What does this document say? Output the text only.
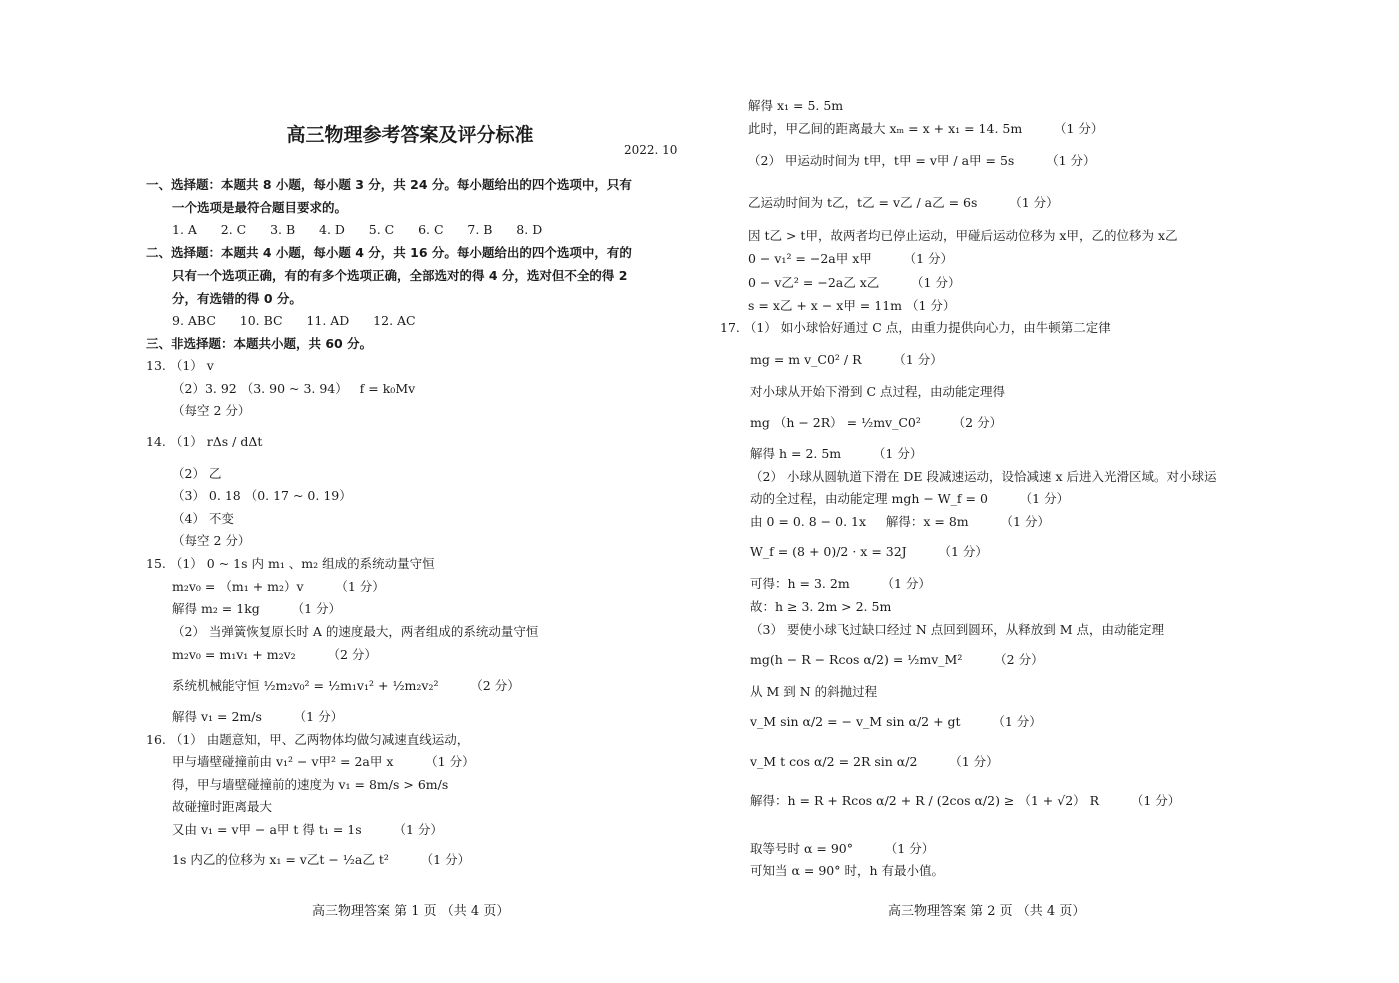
2022. 10
一、选择题：本题共 8 小题，每小题 3 分，共 24 分。每小题给出的四个选项中，只有
一个选项是最符合题目要求的。
1. A      2. C      3. B      4. D      5. C      6. C      7. B      8. D
二、选择题：本题共 4 小题，每小题 4 分，共 16 分。每小题给出的四个选项中，有的
只有一个选项正确，有的有多个选项正确，全部选对的得 4 分，选对但不全的得 2
分，有选错的得 0 分。
9. ABC      10. BC      11. AD      12. AC
三、非选择题：本题共小题，共 60 分。
13. （1） v
（2）3. 92 （3. 90 ~ 3. 94）   f = k₀Mv
（每空 2 分）
14. （1） rΔs / dΔt
（2） 乙
（3） 0. 18 （0. 17 ~ 0. 19）
（4） 不变
（每空 2 分）
15. （1） 0 ~ 1s 内 m₁ 、m₂ 组成的系统动量守恒
m₂v₀ = （m₁ + m₂）v        （1 分）
解得 m₂ = 1kg        （1 分）
（2） 当弹簧恢复原长时 A 的速度最大，两者组成的系统动量守恒
m₂v₀ = m₁v₁ + m₂v₂        （2 分）
系统机械能守恒 ½m₂v₀² = ½m₁v₁² + ½m₂v₂²        （2 分）
解得 v₁ = 2m/s        （1 分）
16. （1） 由题意知，甲、乙两物体均做匀减速直线运动，
甲与墙壁碰撞前由 v₁² − v甲² = 2a甲 x        （1 分）
得，甲与墙壁碰撞前的速度为 v₁ = 8m/s > 6m/s
故碰撞时距离最大
又由 v₁ = v甲 − a甲 t 得 t₁ = 1s        （1 分）
1s 内乙的位移为 x₁ = v乙t − ½a乙 t²        （1 分）
高三物理答案 第 1 页 （共 4 页）
高三物理参考答案及评分标准
解得 x₁ = 5. 5m
此时，甲乙间的距离最大 xₘ = x + x₁ = 14. 5m        （1 分）
（2） 甲运动时间为 t甲，t甲 = v甲 / a甲 = 5s        （1 分）
乙运动时间为 t乙，t乙 = v乙 / a乙 = 6s        （1 分）
因 t乙 > t甲，故两者均已停止运动，甲碰后运动位移为 x甲，乙的位移为 x乙
0 − v₁² = −2a甲 x甲        （1 分）
0 − v乙² = −2a乙 x乙        （1 分）
s = x乙 + x − x甲 = 11m （1 分）
17. （1） 如小球恰好通过 C 点，由重力提供向心力，由牛顿第二定律
mg = m v_C0² / R        （1 分）
对小球从开始下滑到 C 点过程，由动能定理得
mg （h − 2R） = ½mv_C0²        （2 分）
解得 h = 2. 5m        （1 分）
（2） 小球从圆轨道下滑在 DE 段减速运动，设恰减速 x 后进入光滑区域。对小球运
动的全过程，由动能定理 mgh − W_f = 0        （1 分）
由 0 = 0. 8 − 0. 1x     解得：x = 8m        （1 分）
W_f = (8 + 0)/2 · x = 32J        （1 分）
可得：h = 3. 2m        （1 分）
故：h ≥ 3. 2m > 2. 5m
（3） 要使小球飞过缺口经过 N 点回到圆环，从释放到 M 点，由动能定理
mg(h − R − Rcos α/2) = ½mv_M²        （2 分）
从 M 到 N 的斜抛过程
v_M sin α/2 = − v_M sin α/2 + gt        （1 分）
v_M t cos α/2 = 2R sin α/2        （1 分）
解得：h = R + Rcos α/2 + R / (2cos α/2) ≥ （1 + √2） R        （1 分）
取等号时 α = 90°        （1 分）
可知当 α = 90° 时，h 有最小值。
高三物理答案 第 2 页 （共 4 页）
